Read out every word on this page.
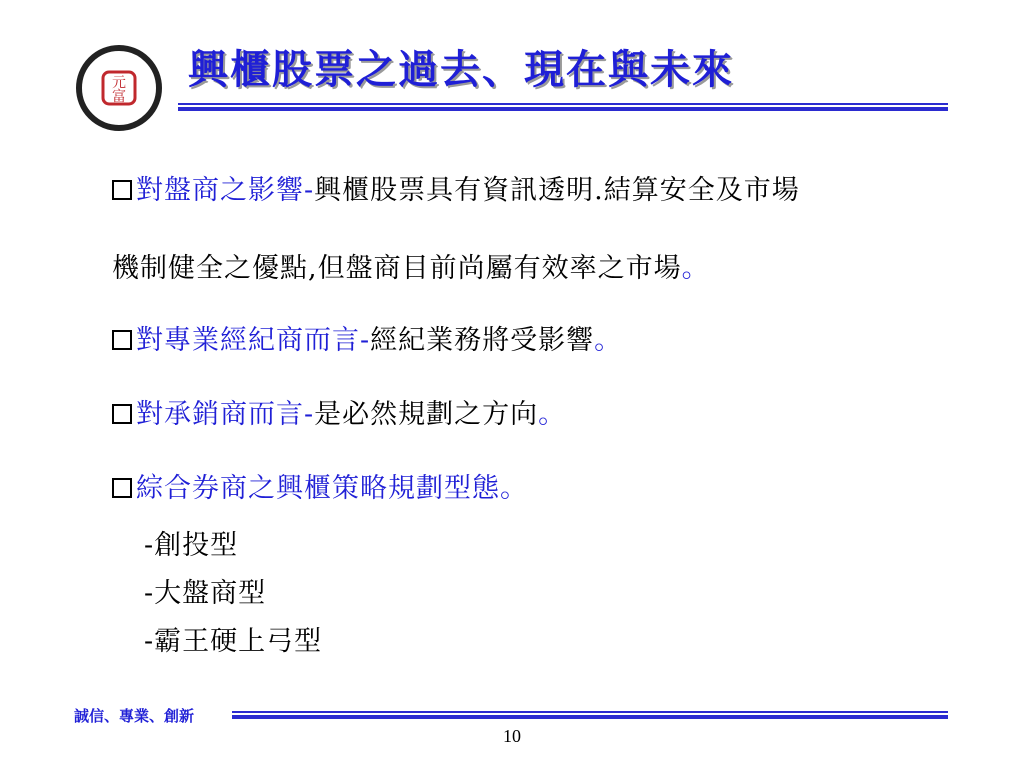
元
富
興櫃股票之過去、現在與未來
對盤商之影響-興櫃股票具有資訊透明.結算安全及市場
機制健全之優點,但盤商目前尚屬有效率之市場。
對專業經紀商而言-經紀業務將受影響。
對承銷商而言-是必然規劃之方向。
綜合券商之興櫃策略規劃型態。
-創投型
-大盤商型
-霸王硬上弓型
誠信、專業、創新
10
